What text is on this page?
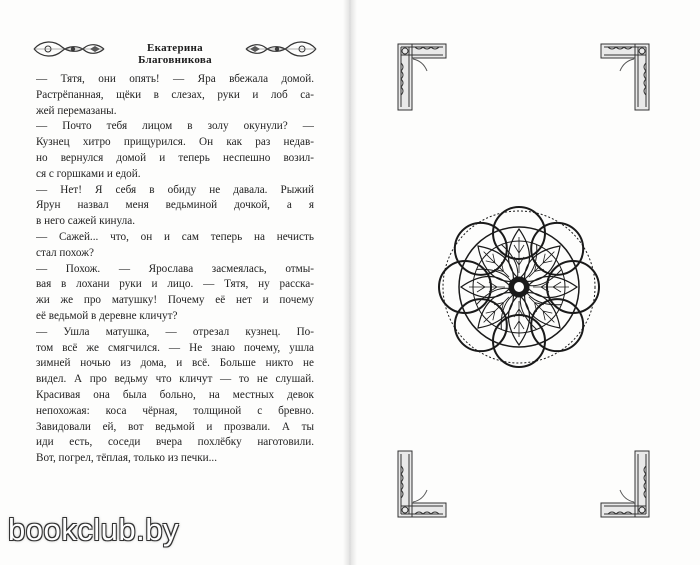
Екатерина Благовникова
— Тятя, они опять! — Яра вбежала домой.
Растрёпанная, щёки в слезах, руки и лоб са-
жей перемазаны.
— Почто тебя лицом в золу окунули? —
Кузнец хитро прищурился. Он как раз недав-
но вернулся домой и теперь неспешно возил-
ся с горшками и едой.
— Нет! Я себя в обиду не давала. Рыжий
Ярун назвал меня ведьминой дочкой, а я
в него сажей кинула.
— Сажей... что, он и сам теперь на нечисть
стал похож?
— Похож. — Ярослава засмеялась, отмы-
вая в лохани руки и лицо. — Тятя, ну расска-
жи же про матушку! Почему её нет и почему
её ведьмой в деревне кличут?
— Ушла матушка, — отрезал кузнец. По-
том всё же смягчился. — Не знаю почему, ушла
зимней ночью из дома, и всё. Больше никто не
видел. А про ведьму что кличут — то не слушай.
Красивая она была больно, на местных девок
непохожая: коса чёрная, толщиной с бревно.
Завидовали ей, вот ведьмой и прозвали. А ты
иди есть, соседи вчера похлёбку наготовили.
Вот, погрел, тёплая, только из печки...
bookclub.by
